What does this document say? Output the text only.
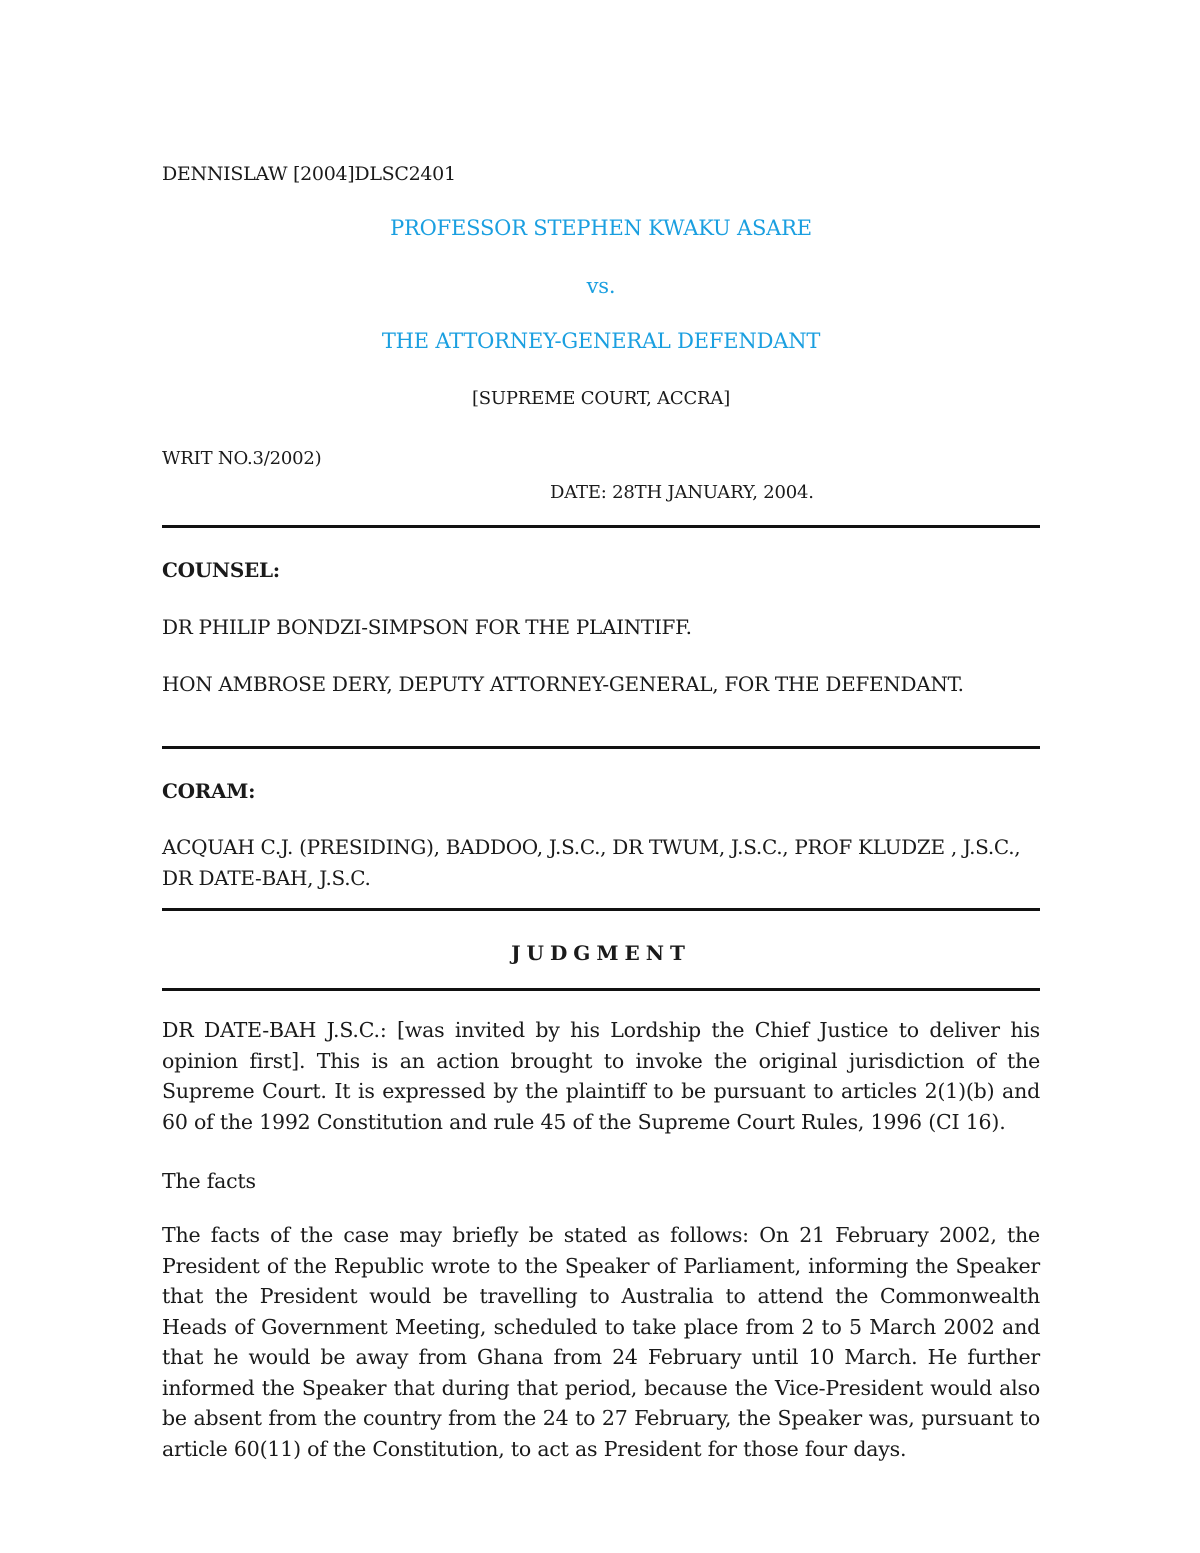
DENNISLAW [2004]DLSC2401
PROFESSOR STEPHEN KWAKU ASARE
vs.
THE ATTORNEY-GENERAL DEFENDANT
[SUPREME COURT, ACCRA]
WRIT NO.3/2002)
DATE: 28TH JANUARY, 2004.
COUNSEL:
DR PHILIP BONDZI-SIMPSON FOR THE PLAINTIFF.
HON AMBROSE DERY, DEPUTY ATTORNEY-GENERAL, FOR THE DEFENDANT.
CORAM:
ACQUAH C.J. (PRESIDING), BADDOO, J.S.C., DR TWUM, J.S.C., PROF KLUDZE , J.S.C., DR DATE-BAH, J.S.C.
JUDGMENT
DR DATE-BAH J.S.C.: [was invited by his Lordship the Chief Justice to deliver his opinion first]. This is an action brought to invoke the original jurisdiction of the Supreme Court. It is expressed by the plaintiff to be pursuant to articles 2(1)(b) and 60 of the 1992 Constitution and rule 45 of the Supreme Court Rules, 1996 (CI 16).
The facts
The facts of the case may briefly be stated as follows: On 21 February 2002, the President of the Republic wrote to the Speaker of Parliament, informing the Speaker that the President would be travelling to Australia to attend the Commonwealth Heads of Government Meeting, scheduled to take place from 2 to 5 March 2002 and that he would be away from Ghana from 24 February until 10 March. He further informed the Speaker that during that period, because the Vice-President would also be absent from the country from the 24 to 27 February, the Speaker was, pursuant to article 60(11) of the Constitution, to act as President for those four days.
